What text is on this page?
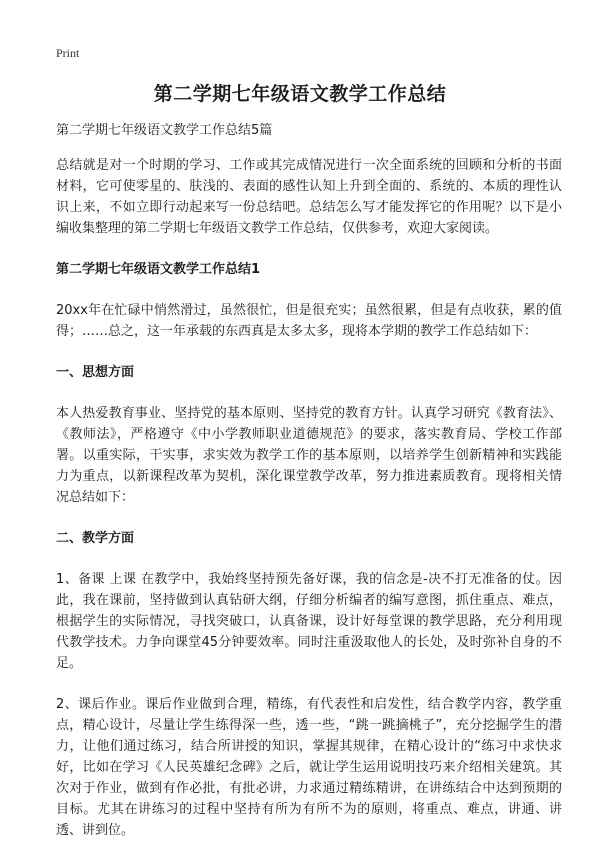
Print
第二学期七年级语文教学工作总结

第二学期七年级语文教学工作总结5篇

总结就是对一个时期的学习、工作或其完成情况进行一次全面系统的回顾和分析的书面材料，它可使零星的、肤浅的、表面的感性认知上升到全面的、系统的、本质的理性认识上来，不如立即行动起来写一份总结吧。总结怎么写才能发挥它的作用呢？以下是小编收集整理的第二学期七年级语文教学工作总结，仅供参考，欢迎大家阅读。

第二学期七年级语文教学工作总结1

20xx年在忙碌中悄然滑过，虽然很忙，但是很充实；虽然很累，但是有点收获，累的值得；……总之，这一年承载的东西真是太多太多，现将本学期的教学工作总结如下：

一、思想方面

本人热爱教育事业、坚持党的基本原则、坚持党的教育方针。认真学习研究《教育法》、《教师法》，严格遵守《中小学教师职业道德规范》的要求，落实教育局、学校工作部署。以重实际，干实事，求实效为教学工作的基本原则，以培养学生创新精神和实践能力为重点，以新课程改革为契机，深化课堂教学改革，努力推进素质教育。现将相关情况总结如下：

二、教学方面

1、备课 上课 在教学中，我始终坚持预先备好课，我的信念是-决不打无准备的仗。因此，我在课前，坚持做到认真钻研大纲，仔细分析编者的编写意图，抓住重点、难点，根据学生的实际情况，寻找突破口，认真备课，设计好每堂课的教学思路，充分利用现代教学技术。力争向课堂45分钟要效率。同时注重汲取他人的长处，及时弥补自身的不足。

2、课后作业。课后作业做到合理，精练，有代表性和启发性，结合教学内容，教学重点，精心设计，尽量让学生练得深一些，透一些，“跳一跳摘桃子”，充分挖掘学生的潜力，让他们通过练习，结合所讲授的知识，掌握其规律，在精心设计的“练习中求快求好，比如在学习《人民英雄纪念碑》之后，就让学生运用说明技巧来介绍相关建筑。其次对于作业，做到有作必批，有批必讲，力求通过精练精讲，在讲练结合中达到预期的目标。尤其在讲练习的过程中坚持有所为有所不为的原则，将重点、难点，讲通、讲透、讲到位。
